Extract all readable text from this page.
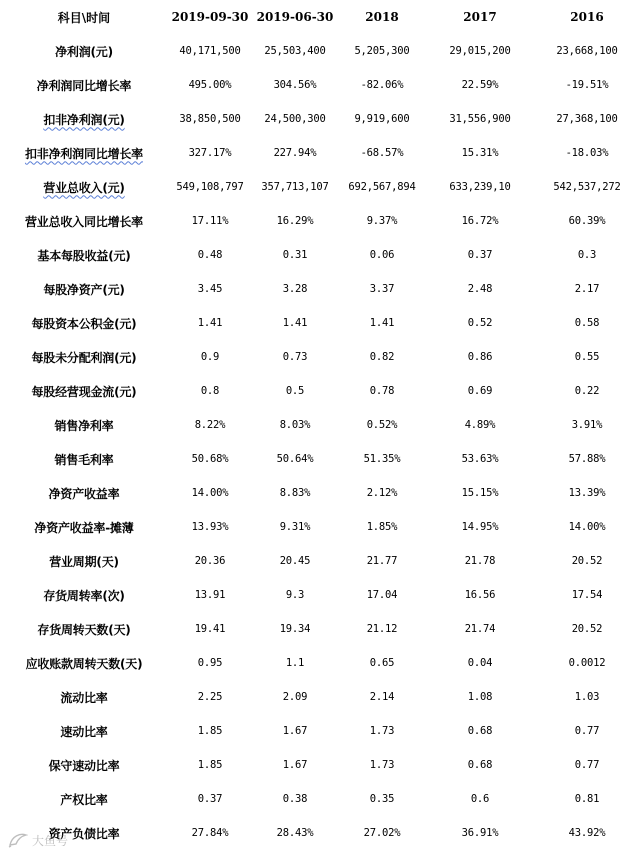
科目\时间	2019-09-30	2019-06-30	2018	2017	2016
净利润(元)	40,171,500	25,503,400	5,205,300	29,015,200	23,668,100
净利润同比增长率	495.00%	304.56%	-82.06%	22.59%	-19.51%
扣非净利润(元)	38,850,500	24,500,300	9,919,600	31,556,900	27,368,100
扣非净利润同比增长率	327.17%	227.94%	-68.57%	15.31%	-18.03%
营业总收入(元)	549,108,797	357,713,107	692,567,894	633,239,10	542,537,272
营业总收入同比增长率	17.11%	16.29%	9.37%	16.72%	60.39%
基本每股收益(元)	0.48	0.31	0.06	0.37	0.3
每股净资产(元)	3.45	3.28	3.37	2.48	2.17
每股资本公积金(元)	1.41	1.41	1.41	0.52	0.58
每股未分配利润(元)	0.9	0.73	0.82	0.86	0.55
每股经营现金流(元)	0.8	0.5	0.78	0.69	0.22
销售净利率	8.22%	8.03%	0.52%	4.89%	3.91%
销售毛利率	50.68%	50.64%	51.35%	53.63%	57.88%
净资产收益率	14.00%	8.83%	2.12%	15.15%	13.39%
净资产收益率-摊薄	13.93%	9.31%	1.85%	14.95%	14.00%
营业周期(天)	20.36	20.45	21.77	21.78	20.52
存货周转率(次)	13.91	9.3	17.04	16.56	17.54
存货周转天数(天)	19.41	19.34	21.12	21.74	20.52
应收账款周转天数(天)	0.95	1.1	0.65	0.04	0.0012
流动比率	2.25	2.09	2.14	1.08	1.03
速动比率	1.85	1.67	1.73	0.68	0.77
保守速动比率	1.85	1.67	1.73	0.68	0.77
产权比率	0.37	0.38	0.35	0.6	0.81
资产负债比率	27.84%	28.43%	27.02%	36.91%	43.92%
大鱼号
